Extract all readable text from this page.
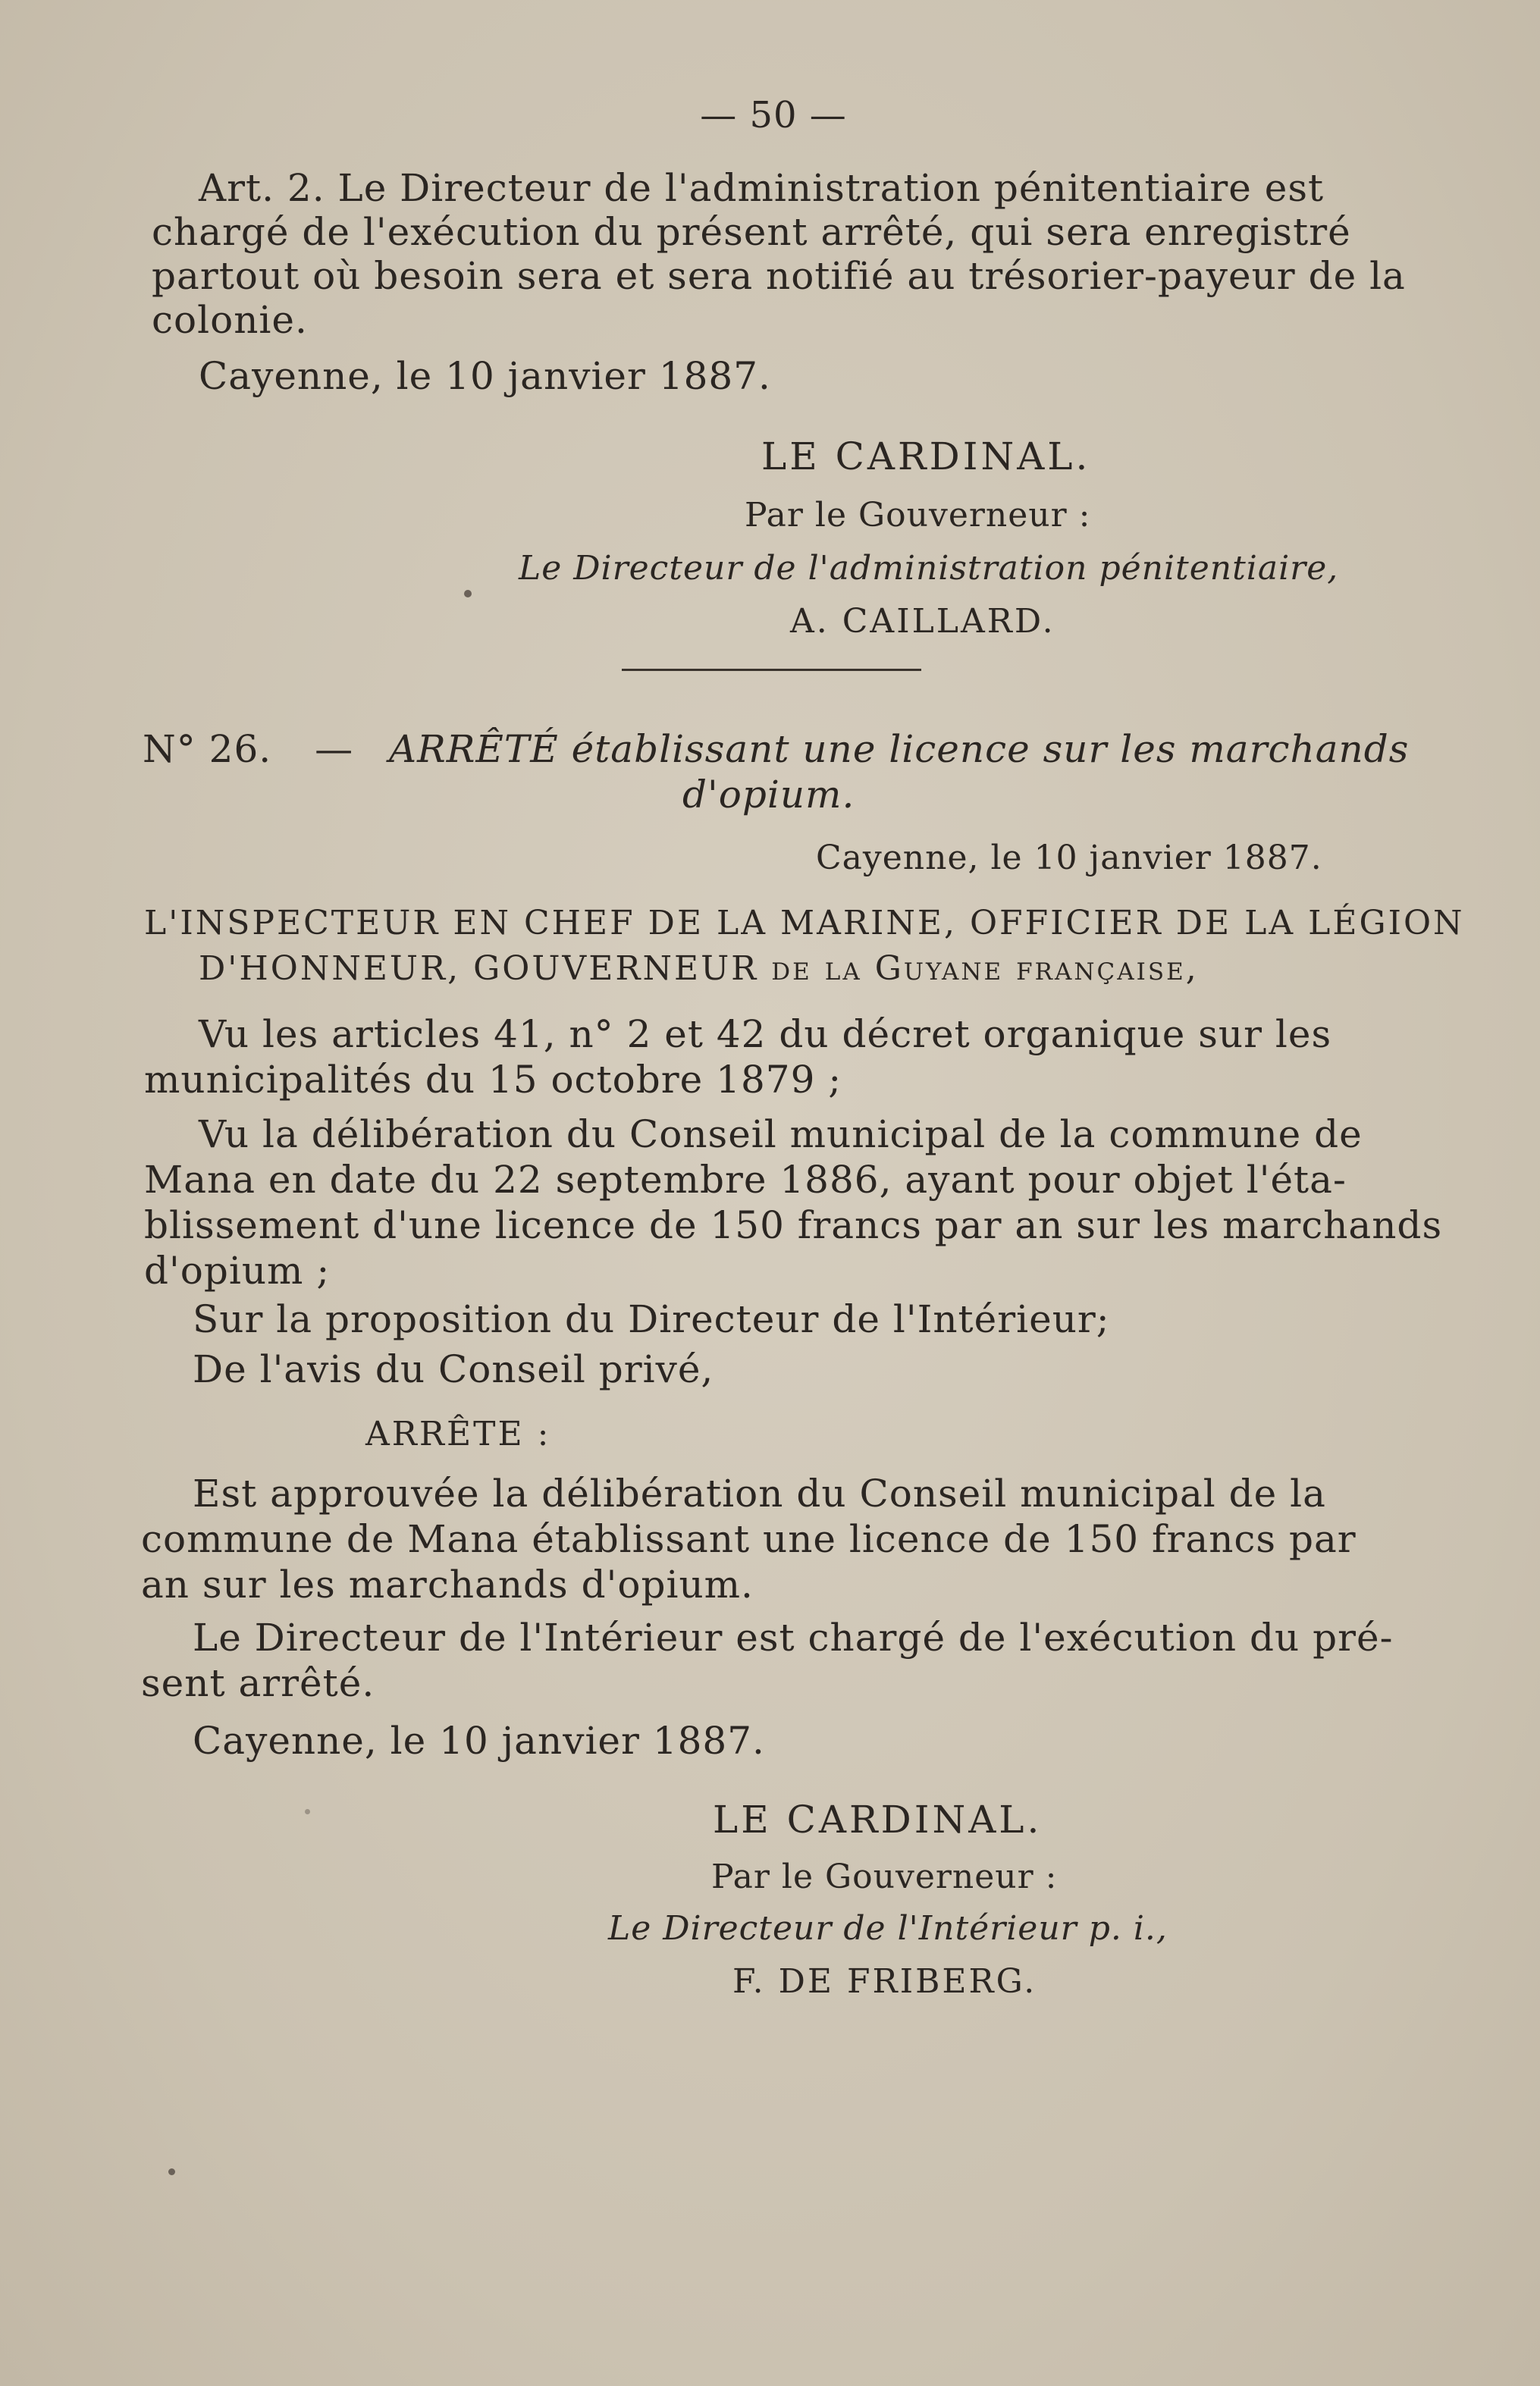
— 50 —

Art. 2. Le Directeur de l'administration pénitentiaire est

chargé de l'exécution du présent arrêté, qui sera enregistré

partout où besoin sera et sera notifié au trésorier-payeur de la

colonie.

Cayenne, le 10 janvier 1887.

LE CARDINAL.

Par le Gouverneur :

Le Directeur de l'administration pénitentiaire,

A. CAILLARD.

N° 26. — ARRÊTÉ établissant une licence sur les marchands

d'opium.

Cayenne, le 10 janvier 1887.

L'INSPECTEUR EN CHEF DE LA MARINE, OFFICIER DE LA LÉGION

D'HONNEUR, GOUVERNEUR de la Guyane française,

Vu les articles 41, n° 2 et 42 du décret organique sur les

municipalités du 15 octobre 1879 ;

Vu la délibération du Conseil municipal de la commune de

Mana en date du 22 septembre 1886, ayant pour objet l'éta-

blissement d'une licence de 150 francs par an sur les marchands

d'opium ;

Sur la proposition du Directeur de l'Intérieur;

De l'avis du Conseil privé,

ARRÊTE :

Est approuvée la délibération du Conseil municipal de la

commune de Mana établissant une licence de 150 francs par

an sur les marchands d'opium.

Le Directeur de l'Intérieur est chargé de l'exécution du pré-

sent arrêté.

Cayenne, le 10 janvier 1887.

LE CARDINAL.

Par le Gouverneur :

Le Directeur de l'Intérieur p. i.,

F. DE FRIBERG.
